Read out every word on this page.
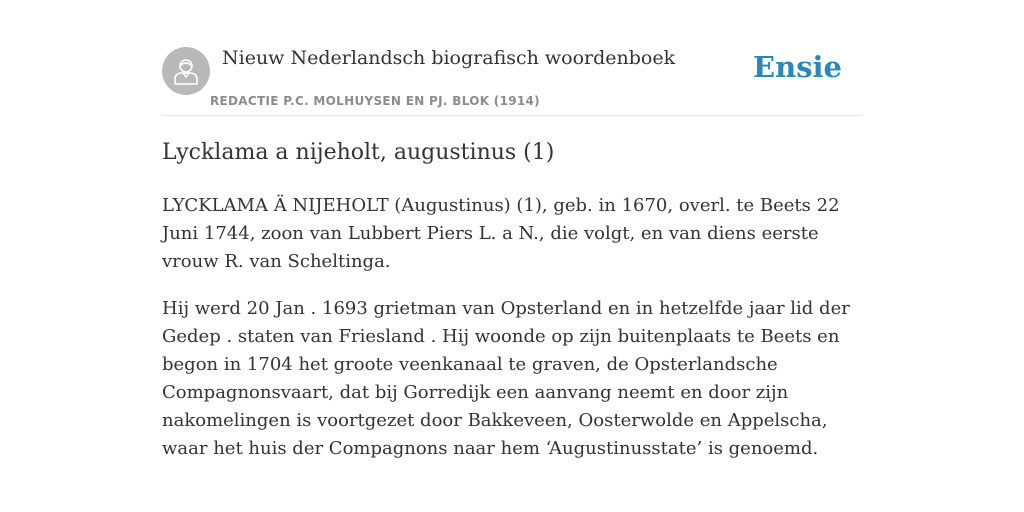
Nieuw Nederlandsch biografisch woordenboek
REDACTIE P.C. MOLHUYSEN EN PJ. BLOK (1914)
Ensie
Lycklama a nijeholt, augustinus (1)

LYCKLAMA Ä NIJEHOLT (Augustinus) (1), geb. in 1670, overl. te Beets 22 Juni 1744, zoon van Lubbert Piers L. a N., die volgt, en van diens eerste vrouw R. van Scheltinga.

Hij werd 20 Jan . 1693 grietman van Opsterland en in hetzelfde jaar lid der Gedep . staten van Friesland . Hij woonde op zijn buitenplaats te Beets en begon in 1704 het groote veenkanaal te graven, de Opsterlandsche Compagnonsvaart, dat bij Gorredijk een aanvang neemt en door zijn nakomelingen is voortgezet door Bakkeveen, Oosterwolde en Appelscha, waar het huis der Compagnons naar hem ‘Augustinusstate’ is genoemd.
